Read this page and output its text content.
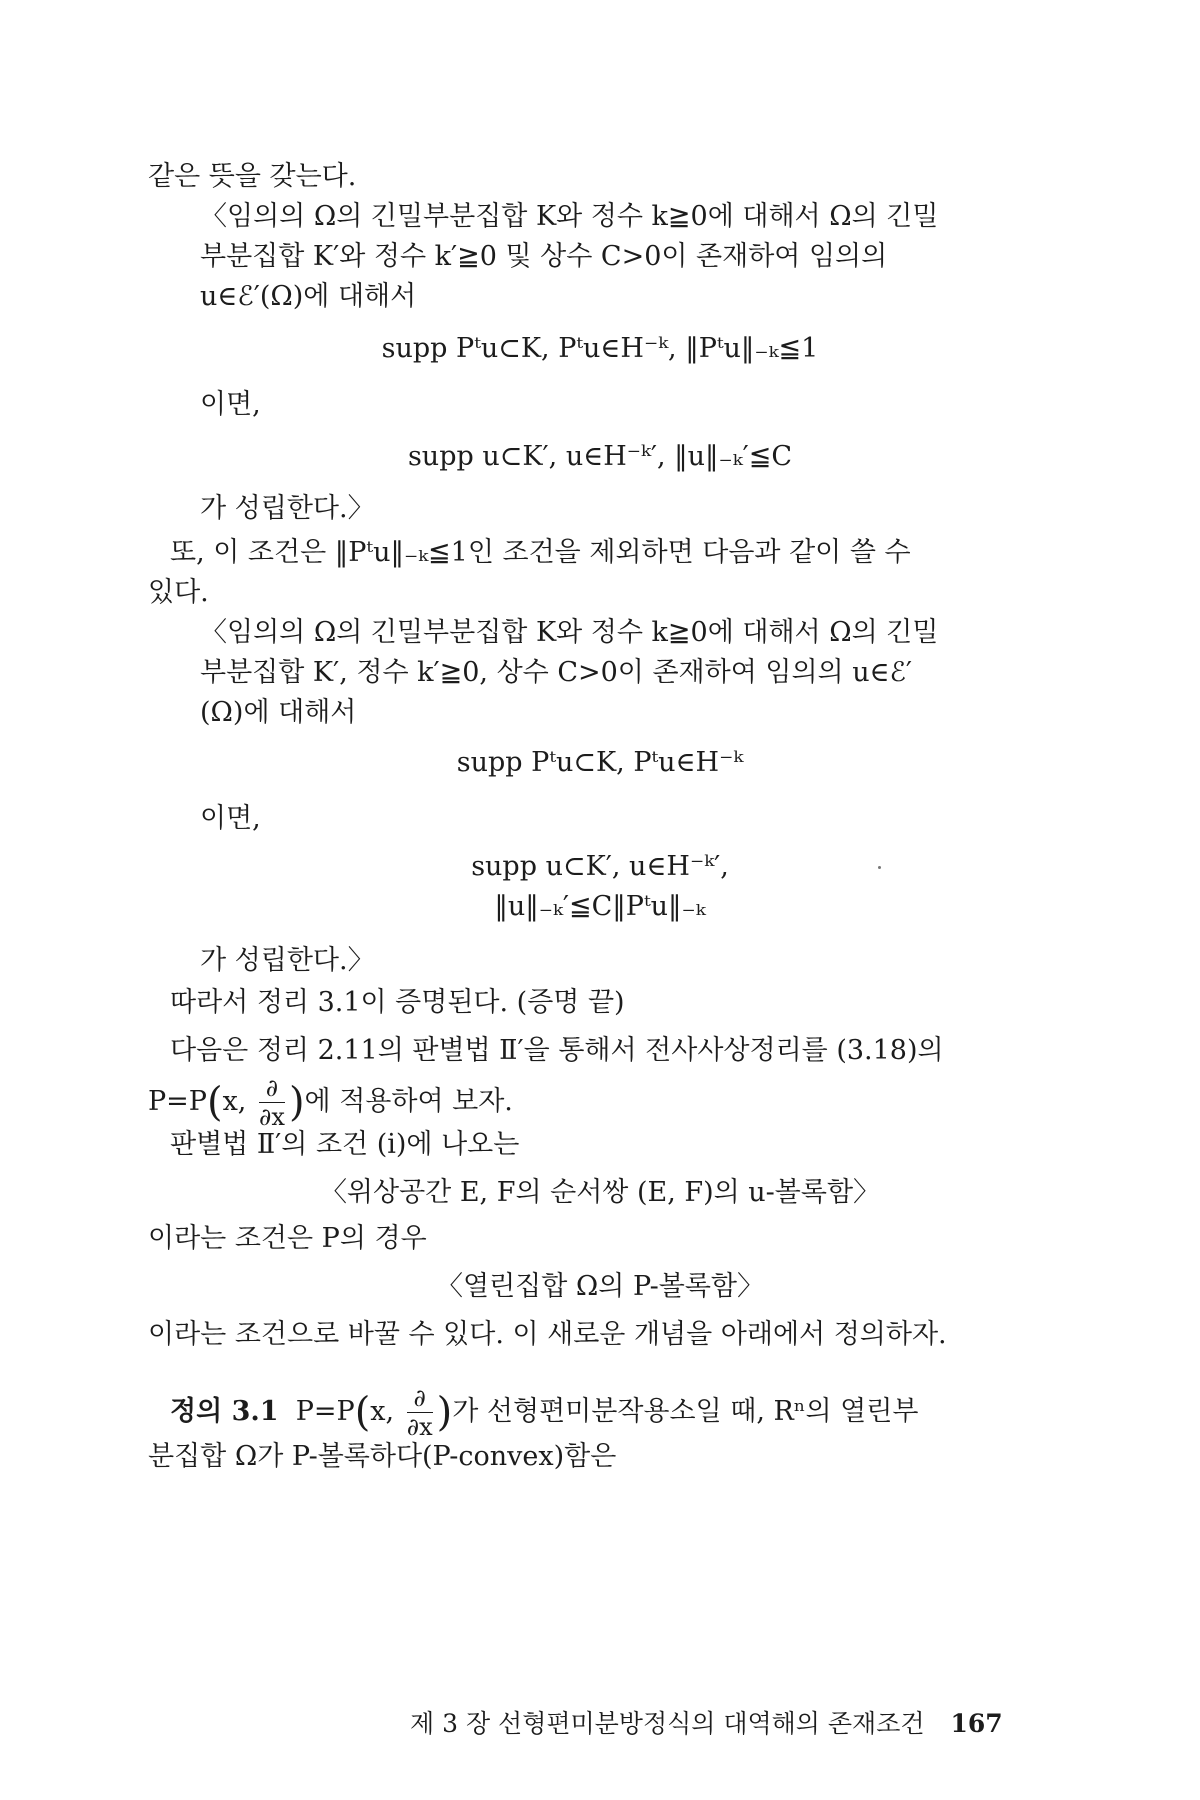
같은 뜻을 갖는다.
〈임의의 Ω의 긴밀부분집합 K와 정수 k≧0에 대해서 Ω의 긴밀
부분집합 K′와 정수 k′≧0 및 상수 C>0이 존재하여 임의의
u∈ℰ′(Ω)에 대해서
supp Pᵗu⊂K, Pᵗu∈H⁻ᵏ, ‖Pᵗu‖₋ₖ≦1
이면,
supp u⊂K′, u∈H⁻ᵏ′, ‖u‖₋ₖ′≦C
가 성립한다.〉
또, 이 조건은 ‖Pᵗu‖₋ₖ≦1인 조건을 제외하면 다음과 같이 쓸 수
있다.
〈임의의 Ω의 긴밀부분집합 K와 정수 k≧0에 대해서 Ω의 긴밀
부분집합 K′, 정수 k′≧0, 상수 C>0이 존재하여 임의의 u∈ℰ′
(Ω)에 대해서
supp Pᵗu⊂K, Pᵗu∈H⁻ᵏ
이면,
supp u⊂K′, u∈H⁻ᵏ′,
‖u‖₋ₖ′≦C‖Pᵗu‖₋ₖ
가 성립한다.〉
따라서 정리 3.1이 증명된다. (증명 끝)
다음은 정리 2.11의 판별법 Ⅱ′을 통해서 전사사상정리를 (3.18)의
P=P(x, $\frac{\partial}{\partial x}$ )에 적용하여 보자.
판별법 Ⅱ′의 조건 (i)에 나오는
〈위상공간 E, F의 순서쌍 (E, F)의 u-볼록함〉
이라는 조건은 P의 경우
〈열린집합 Ω의 P-볼록함〉
이라는 조건으로 바꿀 수 있다. 이 새로운 개념을 아래에서 정의하자.
정의 3.1 P=P(x, $\frac{\partial}{\partial x}$ )가 선형편미분작용소일 때, Rⁿ의 열린부
분집합 Ω가 P-볼록하다(P-convex)함은
제 3 장 선형편미분방정식의 대역해의 존재조건 167
